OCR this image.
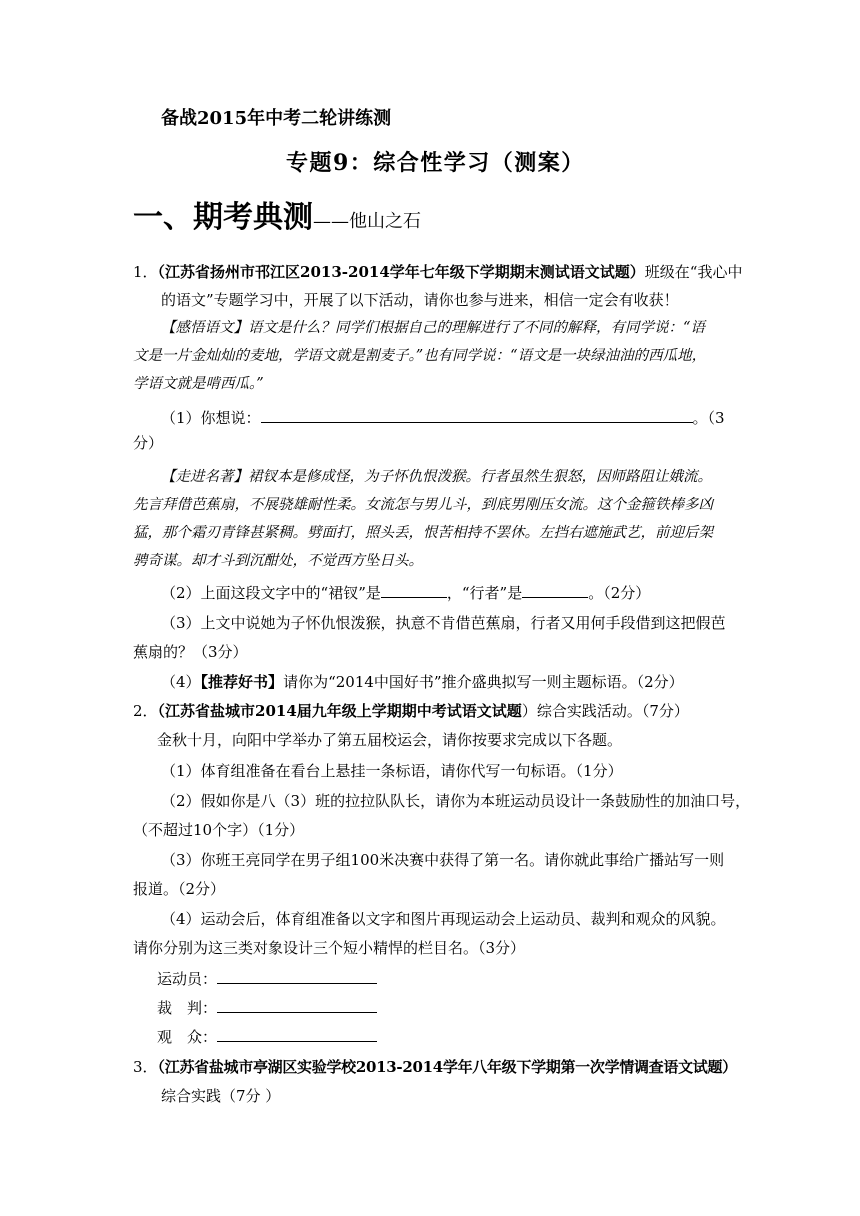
备战2015年中考二轮讲练测
专题9：综合性学习（测案）
一、期考典测——他山之石
1．（江苏省扬州市邗江区2013-2014学年七年级下学期期末测试语文试题）班级在“我心中
的语文”专题学习中，开展了以下活动，请你也参与进来，相信一定会有收获！
【感悟语文】语文是什么？同学们根据自己的理解进行了不同的解释，有同学说：“语
文是一片金灿灿的麦地，学语文就是割麦子。”也有同学说：“语文是一块绿油油的西瓜地，
学语文就是啃西瓜。”
（1）你想说：	。（3
分）
【走进名著】裙钗本是修成怪，为子怀仇恨泼猴。行者虽然生狠怒，因师路阻让娥流。
先言拜借芭蕉扇，不展骁雄耐性柔。女流怎与男儿斗，到底男刚压女流。这个金箍铁棒多凶
猛，那个霜刃青锋甚紧稠。劈面打，照头丢，恨苦相持不罢休。左挡右遮施武艺，前迎后架
骋奇谋。却才斗到沉酣处，不觉西方坠日头。
（2）上面这段文字中的“裙钗”是	，“行者”是	。（2分）
（3）上文中说她为子怀仇恨泼猴，执意不肯借芭蕉扇，行者又用何手段借到这把假芭
蕉扇的？（3分）
（4）【推荐好书】请你为“2014中国好书”推介盛典拟写一则主题标语。（2分）
2．（江苏省盐城市2014届九年级上学期期中考试语文试题）综合实践活动。（7分）
金秋十月，向阳中学举办了第五届校运会，请你按要求完成以下各题。
（1）体育组准备在看台上悬挂一条标语，请你代写一句标语。（1分）
（2）假如你是八（3）班的拉拉队队长，请你为本班运动员设计一条鼓励性的加油口号，
（不超过10个字）（1分）
（3）你班王亮同学在男子组100米决赛中获得了第一名。请你就此事给广播站写一则
报道。（2分）
（4）运动会后，体育组准备以文字和图片再现运动会上运动员、裁判和观众的风貌。
请你分别为这三类对象设计三个短小精悍的栏目名。（3分）
运动员：
裁　判：
观　众：
3．（江苏省盐城市亭湖区实验学校2013-2014学年八年级下学期第一次学情调查语文试题）
综合实践（7分 ）
